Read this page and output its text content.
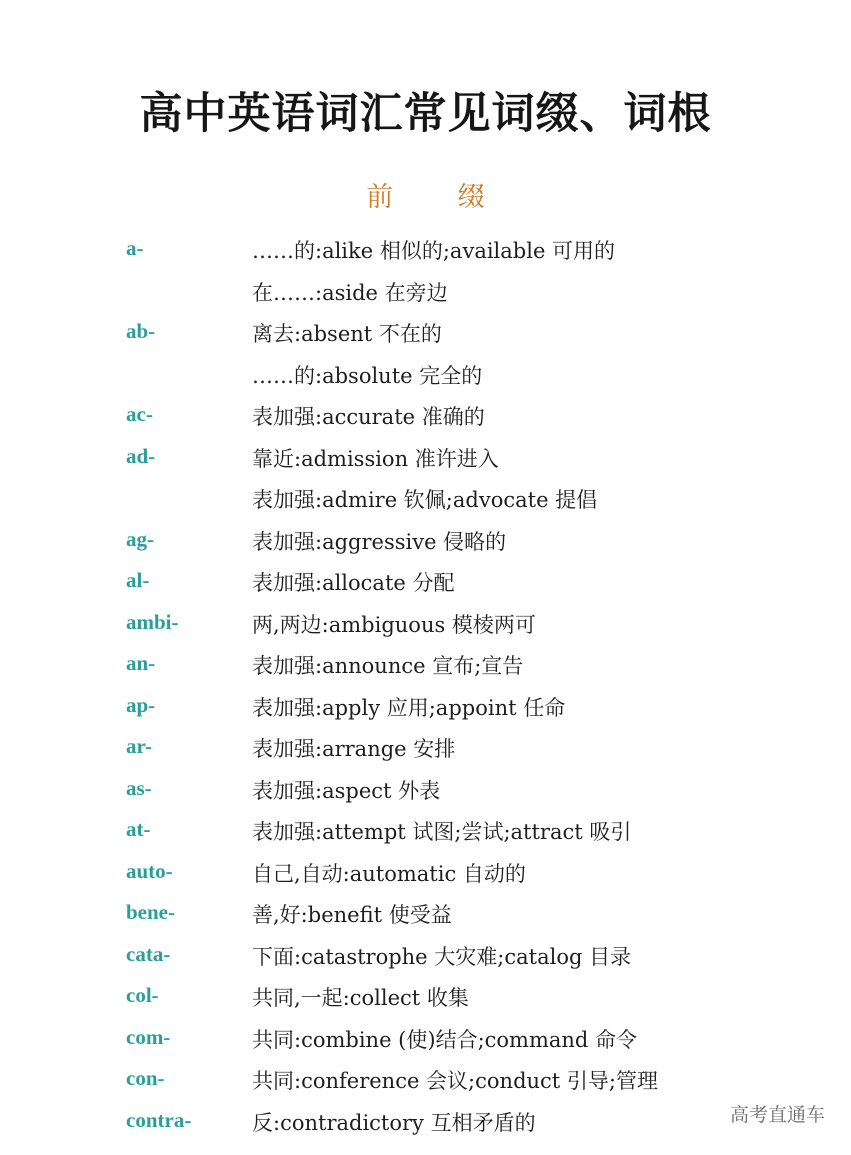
高中英语词汇常见词缀、词根
前 缀
a-	……的:alike 相似的;available 可用的
在……:aside 在旁边
ab-	离去:absent 不在的
……的:absolute 完全的
ac-	表加强:accurate 准确的
ad-	靠近:admission 准许进入
表加强:admire 钦佩;advocate 提倡
ag-	表加强:aggressive 侵略的
al-	表加强:allocate 分配
ambi-	两,两边:ambiguous 模棱两可
an-	表加强:announce 宣布;宣告
ap-	表加强:apply 应用;appoint 任命
ar-	表加强:arrange 安排
as-	表加强:aspect 外表
at-	表加强:attempt 试图;尝试;attract 吸引
auto-	自己,自动:automatic 自动的
bene-	善,好:benefit 使受益
cata-	下面:catastrophe 大灾难;catalog 目录
col-	共同,一起:collect 收集
com-	共同:combine (使)结合;command 命令
con-	共同:conference 会议;conduct 引导;管理
contra-	反:contradictory 互相矛盾的	高考直通车
